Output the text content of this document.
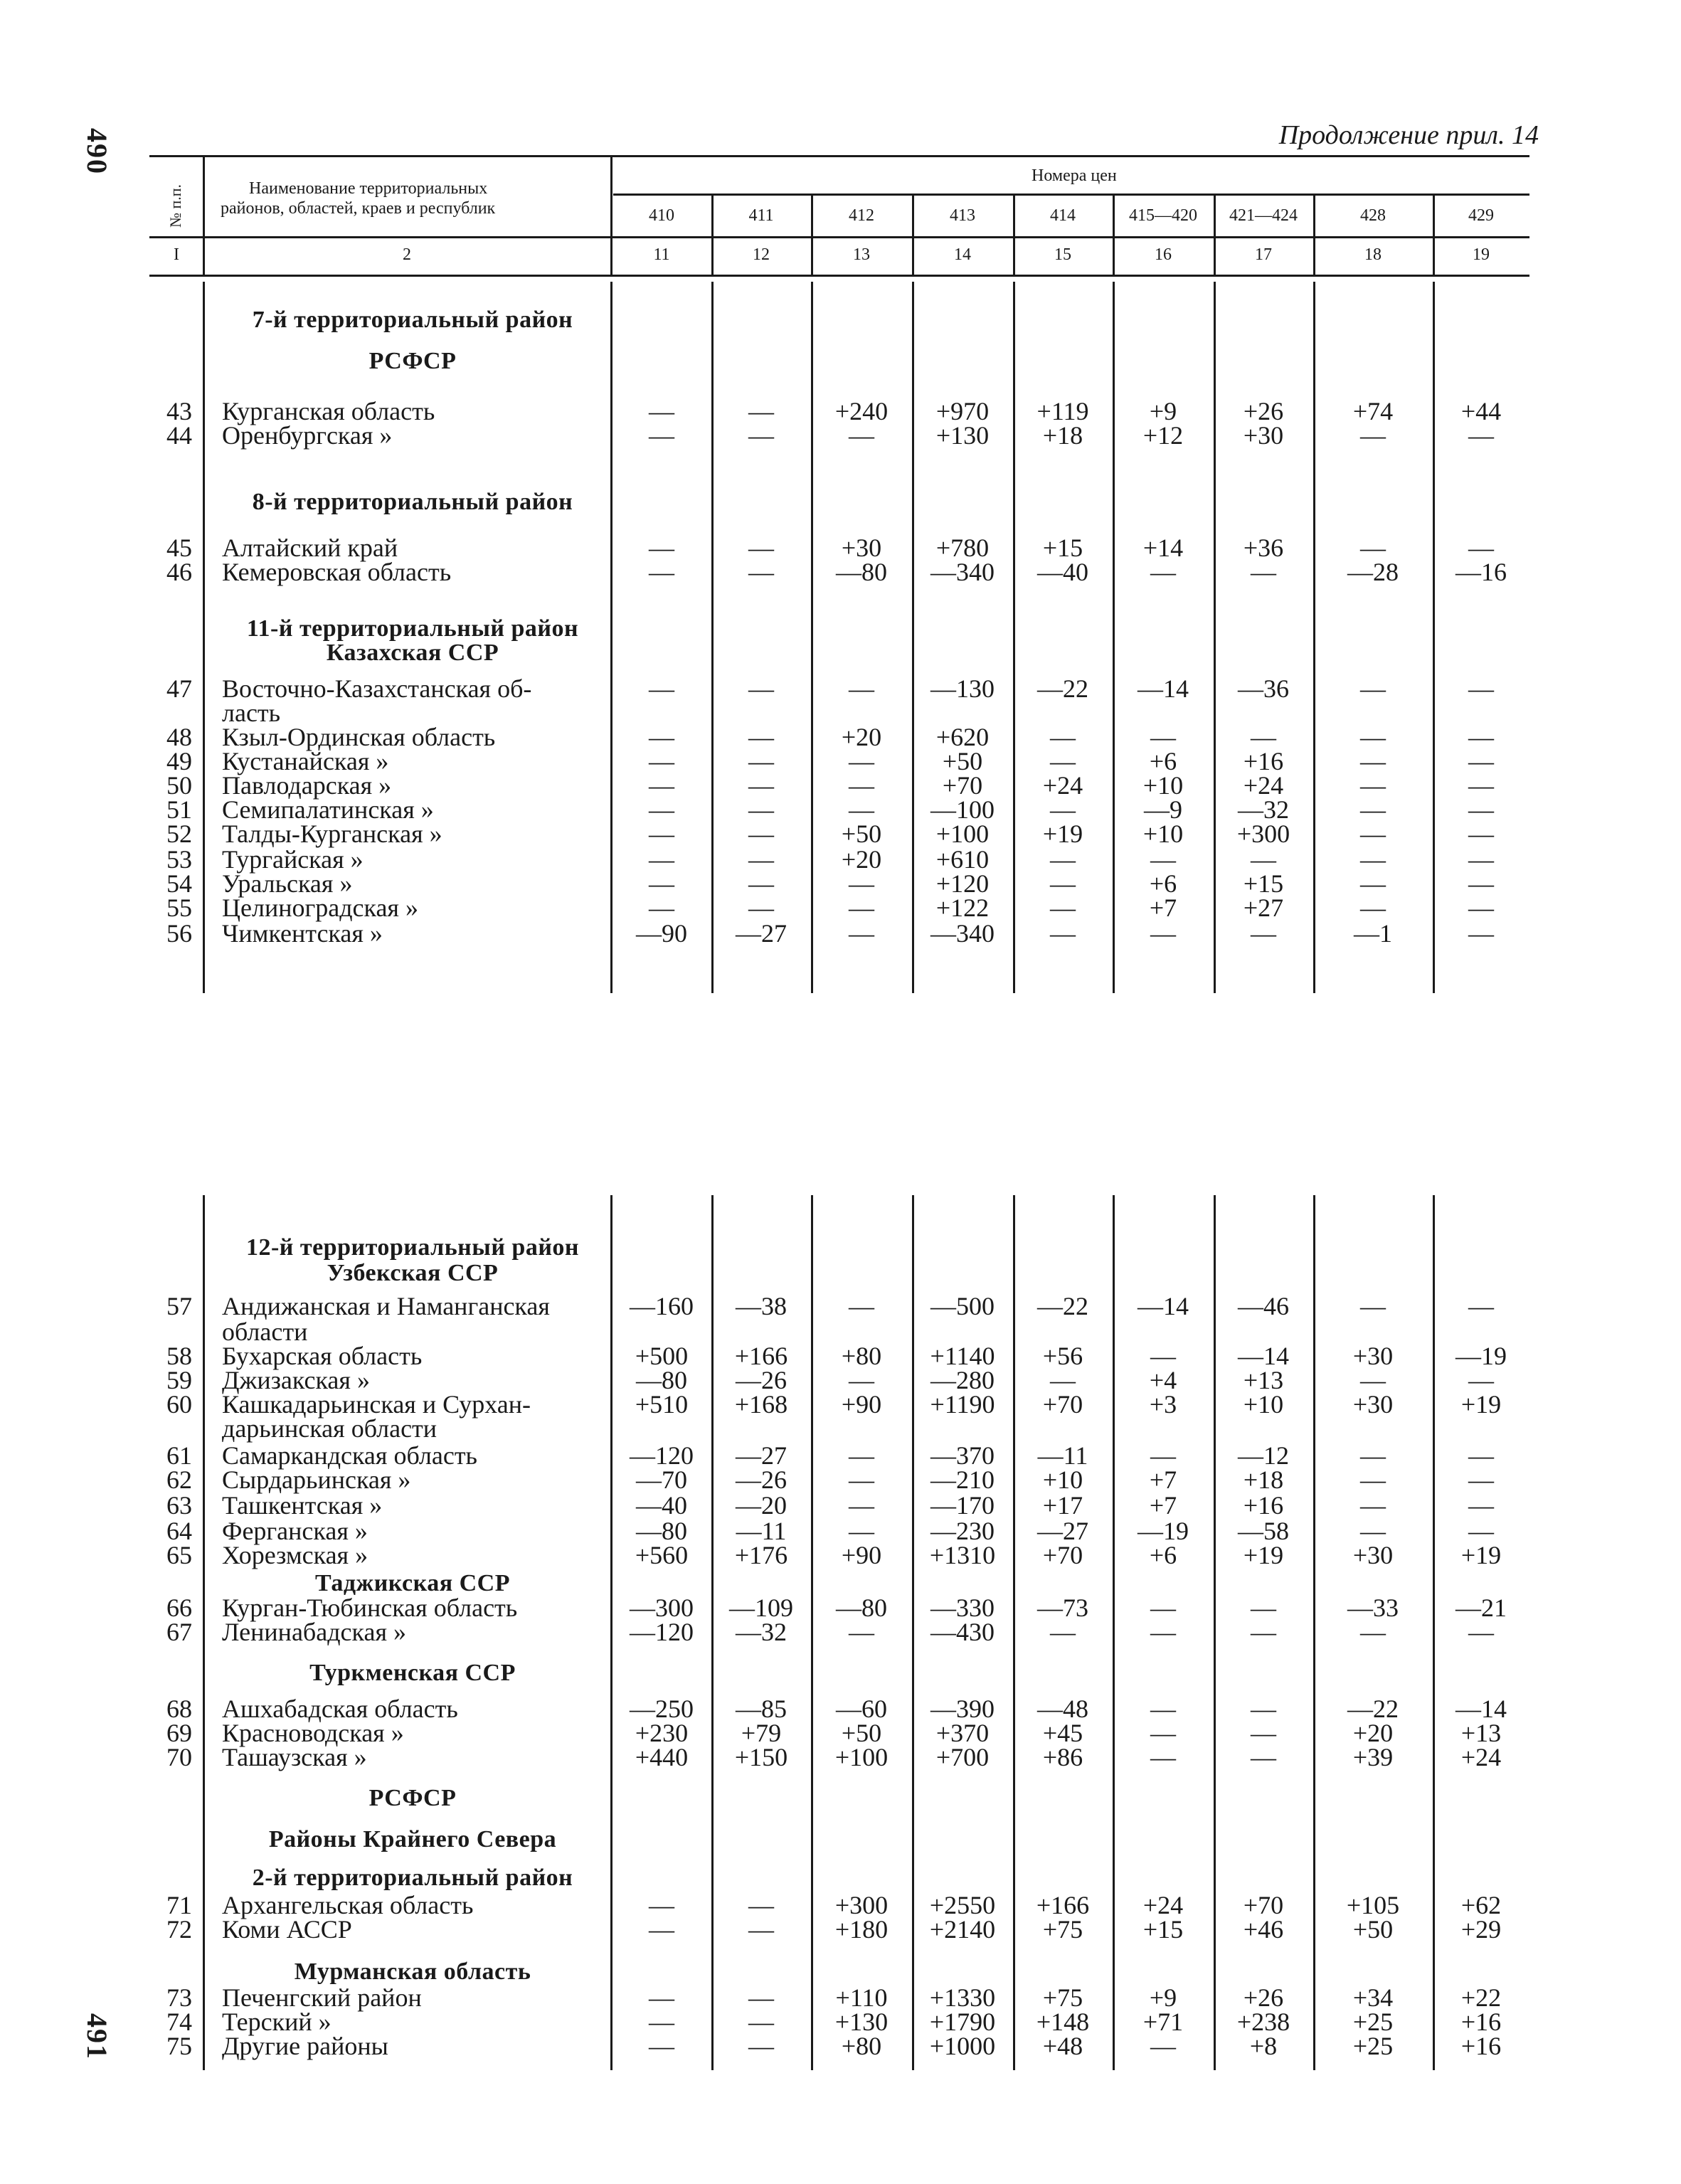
490
491
Продолжение прил. 14
№ п.п.	Наименование территориальных
районов, областей, краев и республик
Номера цен
410	411	412	413	414	415—420	421—424	428	429
I	2	11	12	13	14	15	16	17	18	19
7-й территориальный район
РСФСР
8-й территориальный район
11-й территориальный район
Казахская ССР
12-й территориальный район
Узбекская ССР
Таджикская ССР
Туркменская ССР
РСФСР
Районы Крайнего Севера
2-й территориальный район
Мурманская область
43 Курганская область	—	—	+240	+970	+119	+9	+26	+74	+44
44 Оренбургская »	—	—	—	+130	+18	+12	+30	—	—
45 Алтайский край	—	—	+30	+780	+15	+14	+36	—	—
46 Кемеровская область	—	—	—80	—340	—40	—	—	—28	—16
47 Восточно-Казахстанская об-	—	—	—	—130	—22	—14	—36	—	—
ласть
48 Кзыл-Ординская область	—	—	+20	+620	—	—	—	—	—
49 Кустанайская »	—	—	—	+50	—	+6	+16	—	—
50 Павлодарская »	—	—	—	+70	+24	+10	+24	—	—
51 Семипалатинская »	—	—	—	—100	—	—9	—32	—	—
52 Талды-Курганская »	—	—	+50	+100	+19	+10	+300	—	—
53 Тургайская »	—	—	+20	+610	—	—	—	—	—
54 Уральская »	—	—	—	+120	—	+6	+15	—	—
55 Целиноградская »	—	—	—	+122	—	+7	+27	—	—
56 Чимкентская »	—90	—27	—	—340	—	—	—	—1	—
57 Андижанская и Наманганская	—160	—38	—	—500	—22	—14	—46	—	—
области
58 Бухарская область	+500	+166	+80	+1140	+56	—	—14	+30	—19
59 Джизакская »	—80	—26	—	—280	—	+4	+13	—	—
60 Кашкадарьинская и Сурхан-	+510	+168	+90	+1190	+70	+3	+10	+30	+19
дарьинская области
61 Самаркандская область	—120	—27	—	—370	—11	—	—12	—	—
62 Сырдарьинская »	—70	—26	—	—210	+10	+7	+18	—	—
63 Ташкентская »	—40	—20	—	—170	+17	+7	+16	—	—
64 Ферганская »	—80	—11	—	—230	—27	—19	—58	—	—
65 Хорезмская »	+560	+176	+90	+1310	+70	+6	+19	+30	+19
66 Курган-Тюбинская область	—300	—109	—80	—330	—73	—	—	—33	—21
67 Ленинабадская »	—120	—32	—	—430	—	—	—	—	—
68 Ашхабадская область	—250	—85	—60	—390	—48	—	—	—22	—14
69 Красноводская »	+230	+79	+50	+370	+45	—	—	+20	+13
70 Ташаузская »	+440	+150	+100	+700	+86	—	—	+39	+24
71 Архангельская область	—	—	+300	+2550	+166	+24	+70	+105	+62
72 Коми АССР	—	—	+180	+2140	+75	+15	+46	+50	+29
73 Печенгский район	—	—	+110	+1330	+75	+9	+26	+34	+22
74 Терский »	—	—	+130	+1790	+148	+71	+238	+25	+16
75 Другие районы	—	—	+80	+1000	+48	—	+8	+25	+16
